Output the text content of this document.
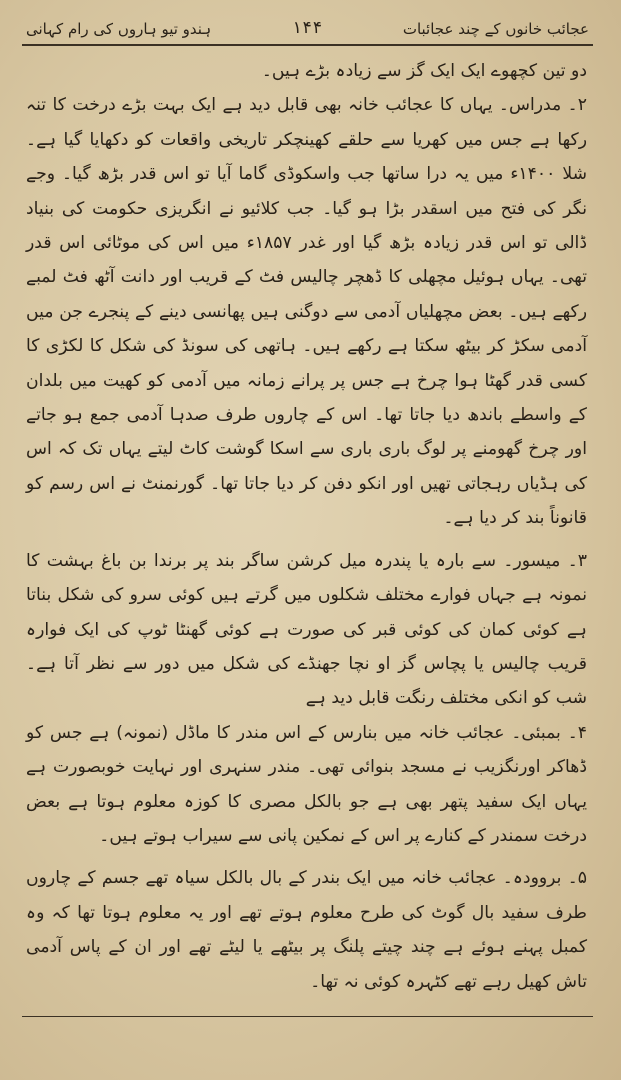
عجائب خانوں کے چند عجائبات
۱۴۴
ہندو تیو ہاروں کی رام کہانی

دو تین کچھوے ایک ایک گز سے زیادہ بڑے ہیں۔

۲۔ مدراس۔ یہاں کا عجائب خانہ بھی قابل دید ہے ایک بہت بڑے درخت کا تنہ رکھا ہے جس میں کھریا سے حلقے کھینچکر تاریخی واقعات کو دکھایا گیا ہے۔ شلا ۱۴۰۰ء میں یہ درا ساتھا جب واسکوڈی گاما آیا تو اس قدر بڑھ گیا۔ وجے نگر کی فتح میں اسقدر بڑا ہو گیا۔ جب کلائیو نے انگریزی حکومت کی بنیاد ڈالی تو اس قدر زیادہ بڑھ گیا اور غدر ۱۸۵۷ء میں اس کی موٹائی اس قدر تھی۔ یہاں ہوئیل مچھلی کا ڈھچر چالیس فٹ کے قریب اور دانت آٹھ فٹ لمبے رکھے ہیں۔ بعض مچھلیاں آدمی سے دوگنی ہیں پھانسی دینے کے پنجرے جن میں آدمی سکڑ کر بیٹھ سکتا ہے رکھے ہیں۔ ہاتھی کی سونڈ کی شکل کا لکڑی کا کسی قدر گھٹا ہوا چرخ ہے جس پر پرانے زمانہ میں آدمی کو کھیت میں بلدان کے واسطے باندھ دیا جاتا تھا۔ اس کے چاروں طرف صدہا آدمی جمع ہو جاتے اور چرخ گھومنے پر لوگ باری باری سے اسکا گوشت کاٹ لیتے یہاں تک کہ اس کی ہڈیاں رہجاتی تھیں اور انکو دفن کر دیا جاتا تھا۔ گورنمنٹ نے اس رسم کو قانوناً بند کر دیا ہے۔

۳۔ میسور۔ سے بارہ یا پندرہ میل کرشن ساگر بند پر برندا بن باغ بہشت کا نمونہ ہے جہاں فوارے مختلف شکلوں میں گرتے ہیں کوئی سرو کی شکل بناتا ہے کوئی کمان کی کوئی قبر کی صورت ہے کوئی گھنٹا ٹوپ کی ایک فوارہ قریب چالیس یا پچاس گز او نچا جھنڈے کی شکل میں دور سے نظر آتا ہے۔ شب کو انکی مختلف رنگت قابل دید ہے

۴۔ بمبئی۔ عجائب خانہ میں بنارس کے اس مندر کا ماڈل (نمونہ) ہے جس کو ڈھاکر اورنگزیب نے مسجد بنوائی تھی۔ مندر سنہری اور نہایت خوبصورت ہے یہاں ایک سفید پتھر بھی ہے جو بالکل مصری کا کوزہ معلوم ہوتا ہے بعض درخت سمندر کے کنارے پر اس کے نمکین پانی سے سیراب ہوتے ہیں۔

۵۔ بروودہ۔ عجائب خانہ میں ایک بندر کے بال بالکل سیاہ تھے جسم کے چاروں طرف سفید بال گوٹ کی طرح معلوم ہوتے تھے اور یہ معلوم ہوتا تھا کہ وہ کمبل پہنے ہوئے ہے چند چیتے پلنگ پر بیٹھے یا لیٹے تھے اور ان کے پاس آدمی تاش کھیل رہے تھے کٹہرہ کوئی نہ تھا۔
